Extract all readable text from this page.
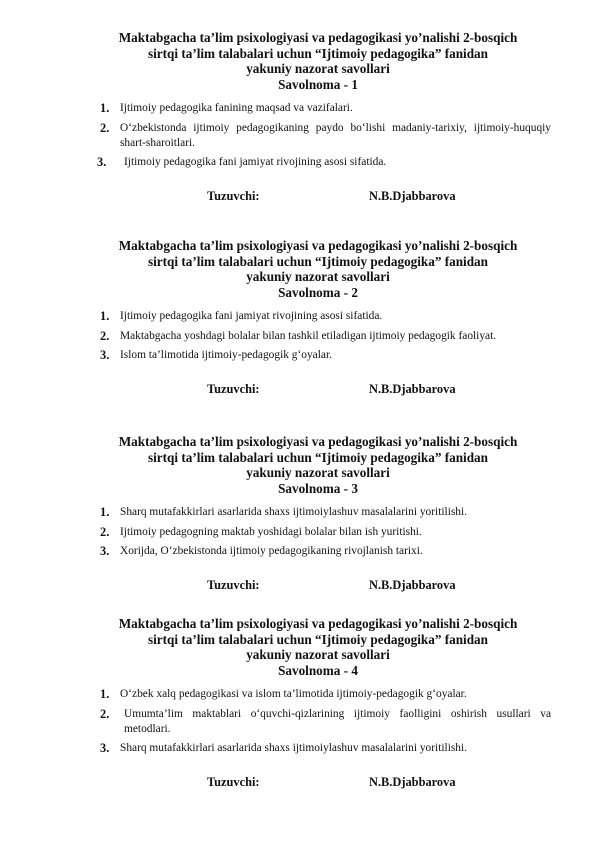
Maktabgacha ta’lim psixologiyasi va pedagogikasi yo’nalishi 2-bosqich
sirtqi ta’lim talabalari uchun “Ijtimoiy pedagogika” fanidan
yakuniy nazorat savollari
Savolnoma - 1
1. Ijtimoiy pedagogika fanining maqsad va vazifalari.
2. O‘zbekistonda ijtimoiy pedagogikaning paydo bo‘lishi madaniy-tarixiy, ijtimoiy-huquqiy shart-sharoitlari.
3. Ijtimoiy pedagogika fani jamiyat rivojining asosi sifatida.
Tuzuvchi:	N.B.Djabbarova
Maktabgacha ta’lim psixologiyasi va pedagogikasi yo’nalishi 2-bosqich
sirtqi ta’lim talabalari uchun “Ijtimoiy pedagogika” fanidan
yakuniy nazorat savollari
Savolnoma - 2
1. Ijtimoiy pedagogika fani jamiyat rivojining asosi sifatida.
2. Maktabgacha yoshdagi bolalar bilan tashkil etiladigan ijtimoiy pedagogik faoliyat.
3. Islom ta’limotida ijtimoiy-pedagogik g‘oyalar.
Tuzuvchi:	N.B.Djabbarova
Maktabgacha ta’lim psixologiyasi va pedagogikasi yo’nalishi 2-bosqich
sirtqi ta’lim talabalari uchun “Ijtimoiy pedagogika” fanidan
yakuniy nazorat savollari
Savolnoma - 3
1. Sharq mutafakkirlari asarlarida shaxs ijtimoiylashuv masalalarini yoritilishi.
2. Ijtimoiy pedagogning maktab yoshidagi bolalar bilan ish yuritishi.
3. Xorijda, O‘zbekistonda ijtimoiy pedagogikaning rivojlanish tarixi.
Tuzuvchi:	N.B.Djabbarova
Maktabgacha ta’lim psixologiyasi va pedagogikasi yo’nalishi 2-bosqich
sirtqi ta’lim talabalari uchun “Ijtimoiy pedagogika” fanidan
yakuniy nazorat savollari
Savolnoma - 4
1. O‘zbek xalq pedagogikasi va islom ta’limotida ijtimoiy-pedagogik g‘oyalar.
2. Umumta’lim maktablari o‘quvchi-qizlarining ijtimoiy faolligini oshirish usullari va metodlari.
3. Sharq mutafakkirlari asarlarida shaxs ijtimoiylashuv masalalarini yoritilishi.
Tuzuvchi:	N.B.Djabbarova
